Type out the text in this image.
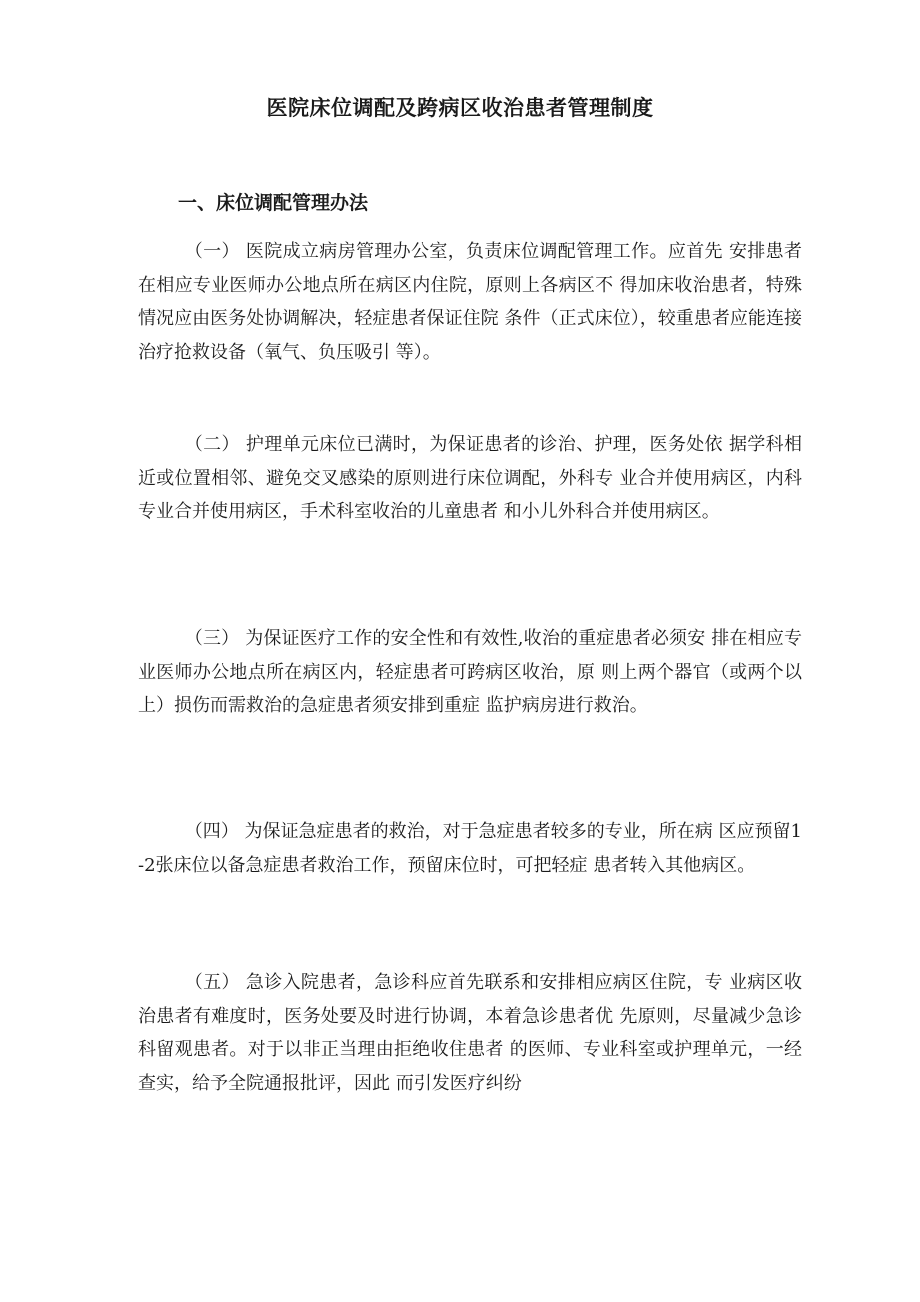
医院床位调配及跨病区收治患者管理制度
一、床位调配管理办法

（一） 医院成立病房管理办公室，负责床位调配管理工作。应首先 安排患者在相应专业医师办公地点所在病区内住院，原则上各病区不 得加床收治患者，特殊情况应由医务处协调解决，轻症患者保证住院 条件（正式床位），较重患者应能连接治疗抢救设备（氧气、负压吸引 等）。

（二） 护理单元床位已满时，为保证患者的诊治、护理，医务处依 据学科相近或位置相邻、避免交叉感染的原则进行床位调配，外科专 业合并使用病区，内科专业合并使用病区，手术科室收治的儿童患者 和小儿外科合并使用病区。

（三） 为保证医疗工作的安全性和有效性,收治的重症患者必须安 排在相应专业医师办公地点所在病区内，轻症患者可跨病区收治，原 则上两个器官（或两个以上）损伤而需救治的急症患者须安排到重症 监护病房进行救治。

（四） 为保证急症患者的救治，对于急症患者较多的专业，所在病 区应预留1-2张床位以备急症患者救治工作，预留床位时，可把轻症 患者转入其他病区。

（五） 急诊入院患者，急诊科应首先联系和安排相应病区住院，专 业病区收治患者有难度时，医务处要及时进行协调，本着急诊患者优 先原则，尽量减少急诊科留观患者。对于以非正当理由拒绝收住患者 的医师、专业科室或护理单元，一经查实，给予全院通报批评，因此 而引发医疗纠纷
